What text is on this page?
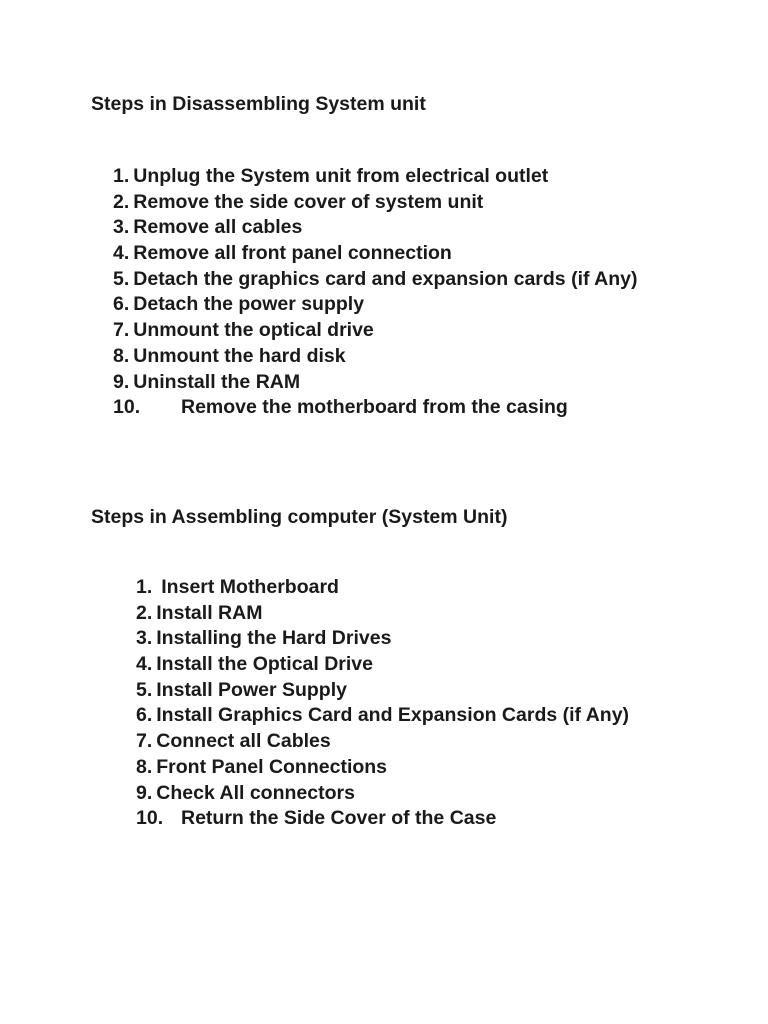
Steps in Disassembling System unit
1. Unplug the System unit from electrical outlet
2. Remove the side cover of system unit
3. Remove all cables
4. Remove all front panel connection
5. Detach the graphics card and expansion cards (if Any)
6. Detach the power supply
7. Unmount the optical drive
8. Unmount the hard disk
9. Uninstall the RAM
10.	Remove the motherboard from the casing
Steps in Assembling computer (System Unit)
1. Insert Motherboard
2. Install RAM
3. Installing the Hard Drives
4. Install the Optical Drive
5. Install Power Supply
6. Install Graphics Card and Expansion Cards (if Any)
7. Connect all Cables
8. Front Panel Connections
9. Check All connectors
10. Return the Side Cover of the Case
